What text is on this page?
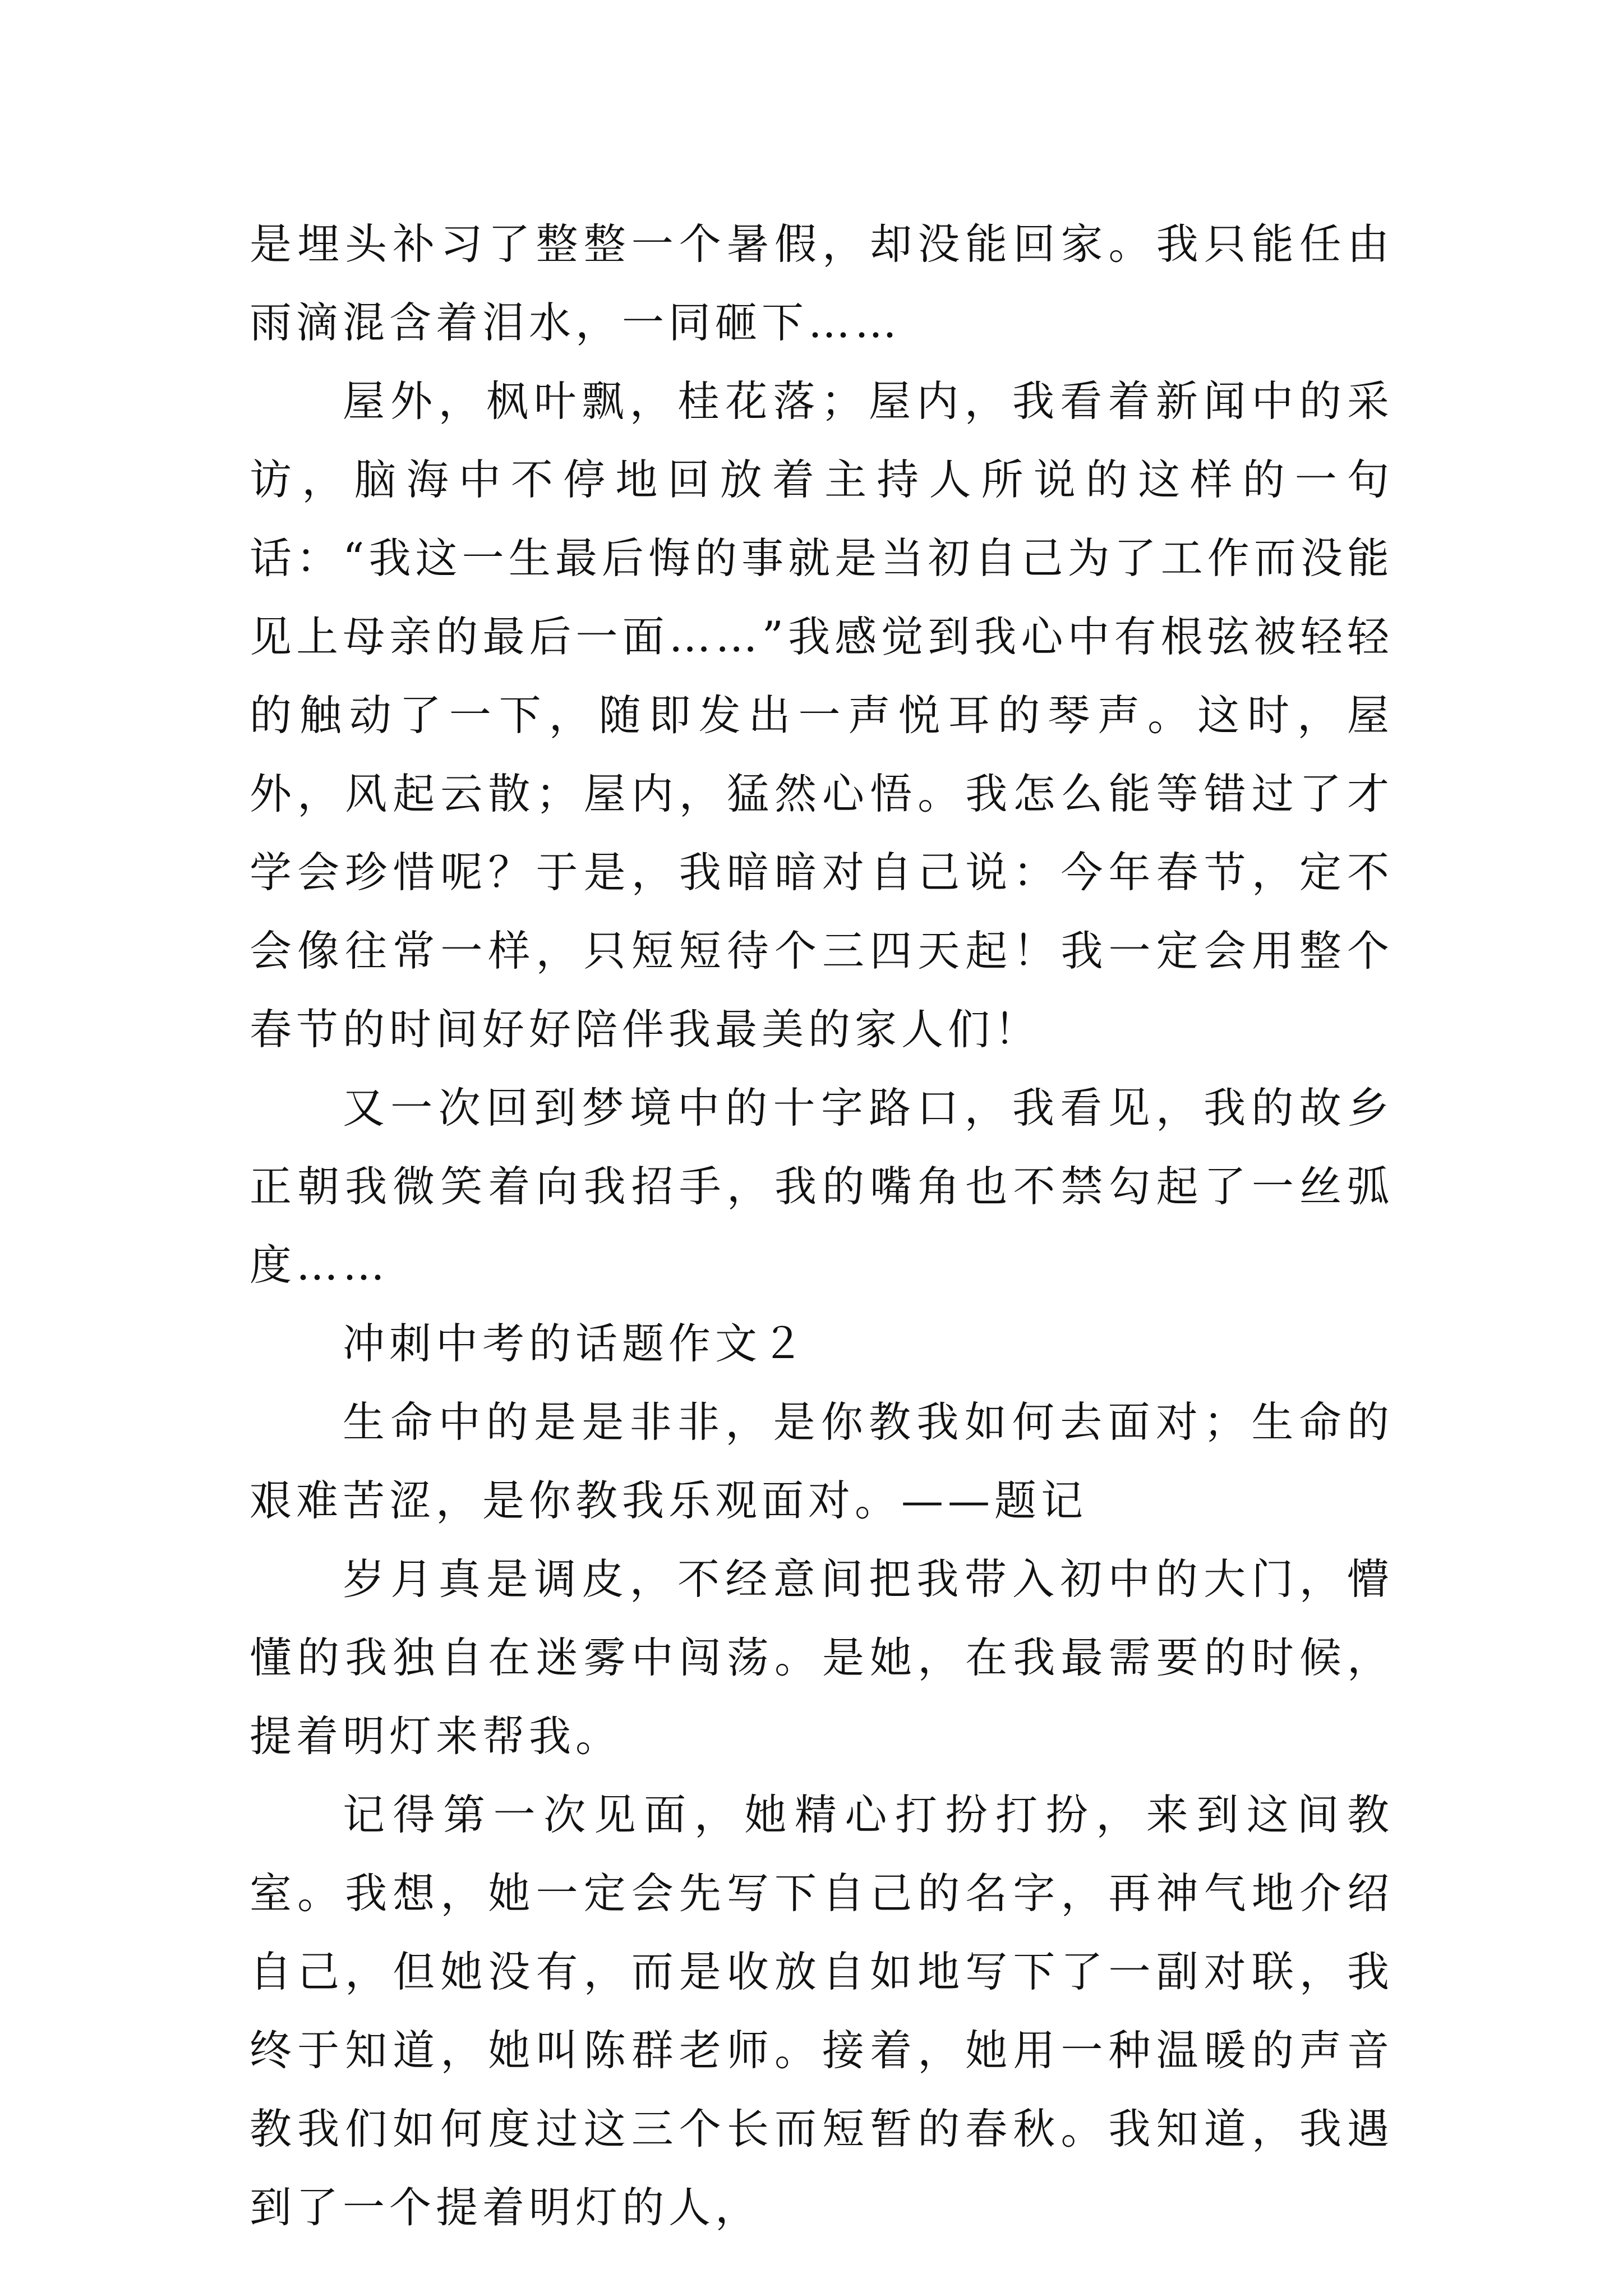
是埋头补习了整整一个暑假，却没能回家。我只能任由雨滴混含着泪水，一同砸下……

屋外，枫叶飘，桂花落；屋内，我看着新闻中的采访，脑海中不停地回放着主持人所说的这样的一句话：“我这一生最后悔的事就是当初自己为了工作而没能见上母亲的最后一面……”我感觉到我心中有根弦被轻轻的触动了一下，随即发出一声悦耳的琴声。这时，屋外，风起云散；屋内，猛然心悟。我怎么能等错过了才学会珍惜呢？于是，我暗暗对自己说：今年春节，定不会像往常一样，只短短待个三四天起！我一定会用整个春节的时间好好陪伴我最美的家人们！

又一次回到梦境中的十字路口，我看见，我的故乡正朝我微笑着向我招手，我的嘴角也不禁勾起了一丝弧度……

冲刺中考的话题作文２

生命中的是是非非，是你教我如何去面对；生命的艰难苦涩，是你教我乐观面对。——题记

岁月真是调皮，不经意间把我带入初中的大门，懵懂的我独自在迷雾中闯荡。是她，在我最需要的时候，提着明灯来帮我。

记得第一次见面，她精心打扮打扮，来到这间教室。我想，她一定会先写下自己的名字，再神气地介绍自己，但她没有，而是收放自如地写下了一副对联，我终于知道，她叫陈群老师。接着，她用一种温暖的声音教我们如何度过这三个长而短暂的春秋。我知道，我遇到了一个提着明灯的人，
